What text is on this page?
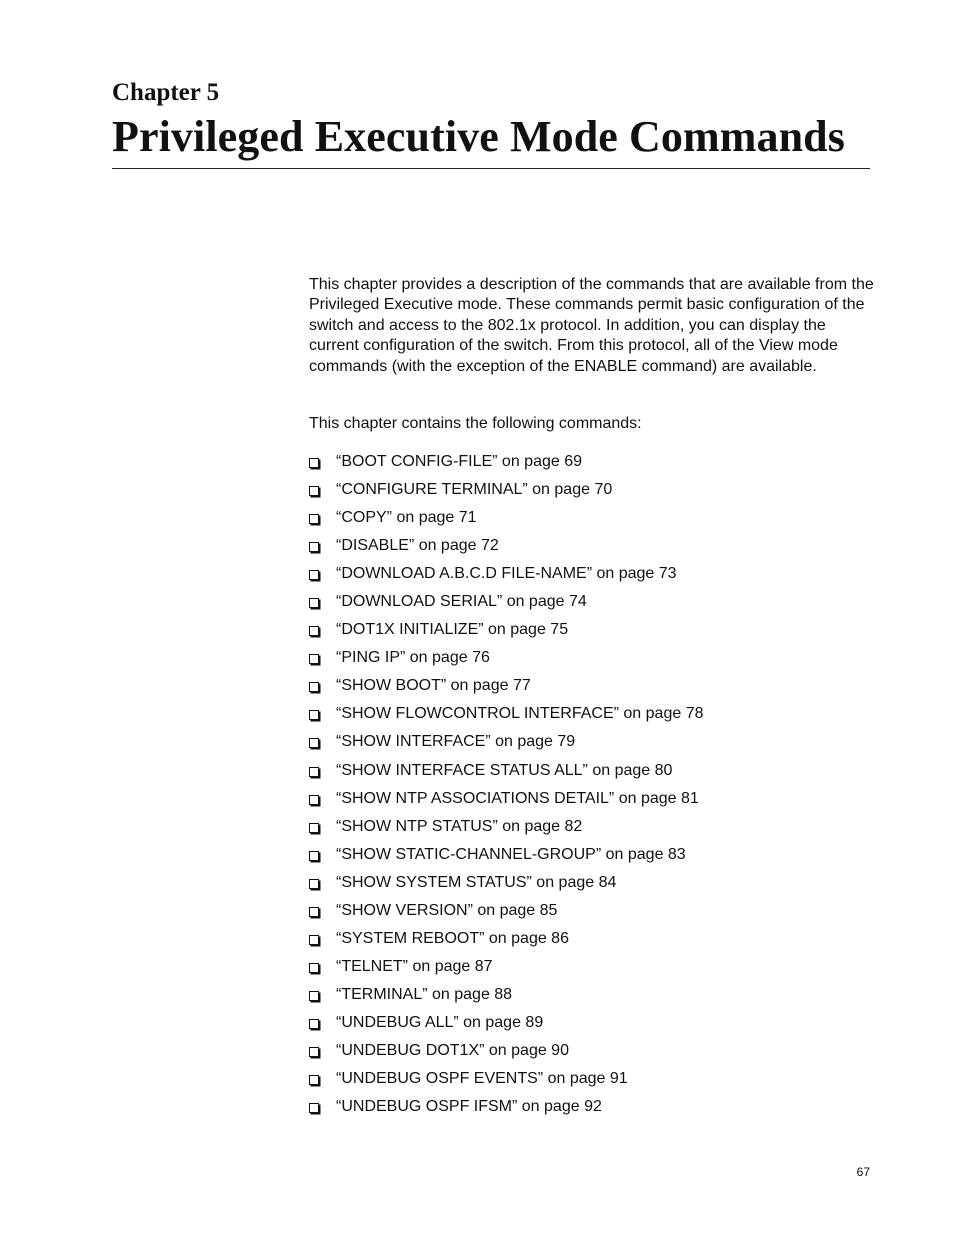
Chapter 5
Privileged Executive Mode Commands

This chapter provides a description of the commands that are available from the Privileged Executive mode. These commands permit basic configuration of the switch and access to the 802.1x protocol. In addition, you can display the current configuration of the switch. From this protocol, all of the View mode commands (with the exception of the ENABLE command) are available.

This chapter contains the following commands:

“BOOT CONFIG-FILE” on page 69
“CONFIGURE TERMINAL” on page 70
“COPY” on page 71
“DISABLE” on page 72
“DOWNLOAD A.B.C.D FILE-NAME” on page 73
“DOWNLOAD SERIAL” on page 74
“DOT1X INITIALIZE” on page 75
“PING IP” on page 76
“SHOW BOOT” on page 77
“SHOW FLOWCONTROL INTERFACE” on page 78
“SHOW INTERFACE” on page 79
“SHOW INTERFACE STATUS ALL” on page 80
“SHOW NTP ASSOCIATIONS DETAIL” on page 81
“SHOW NTP STATUS” on page 82
“SHOW STATIC-CHANNEL-GROUP” on page 83
“SHOW SYSTEM STATUS” on page 84
“SHOW VERSION” on page 85
“SYSTEM REBOOT” on page 86
“TELNET” on page 87
“TERMINAL” on page 88
“UNDEBUG ALL” on page 89
“UNDEBUG DOT1X” on page 90
“UNDEBUG OSPF EVENTS” on page 91
“UNDEBUG OSPF IFSM” on page 92
67
